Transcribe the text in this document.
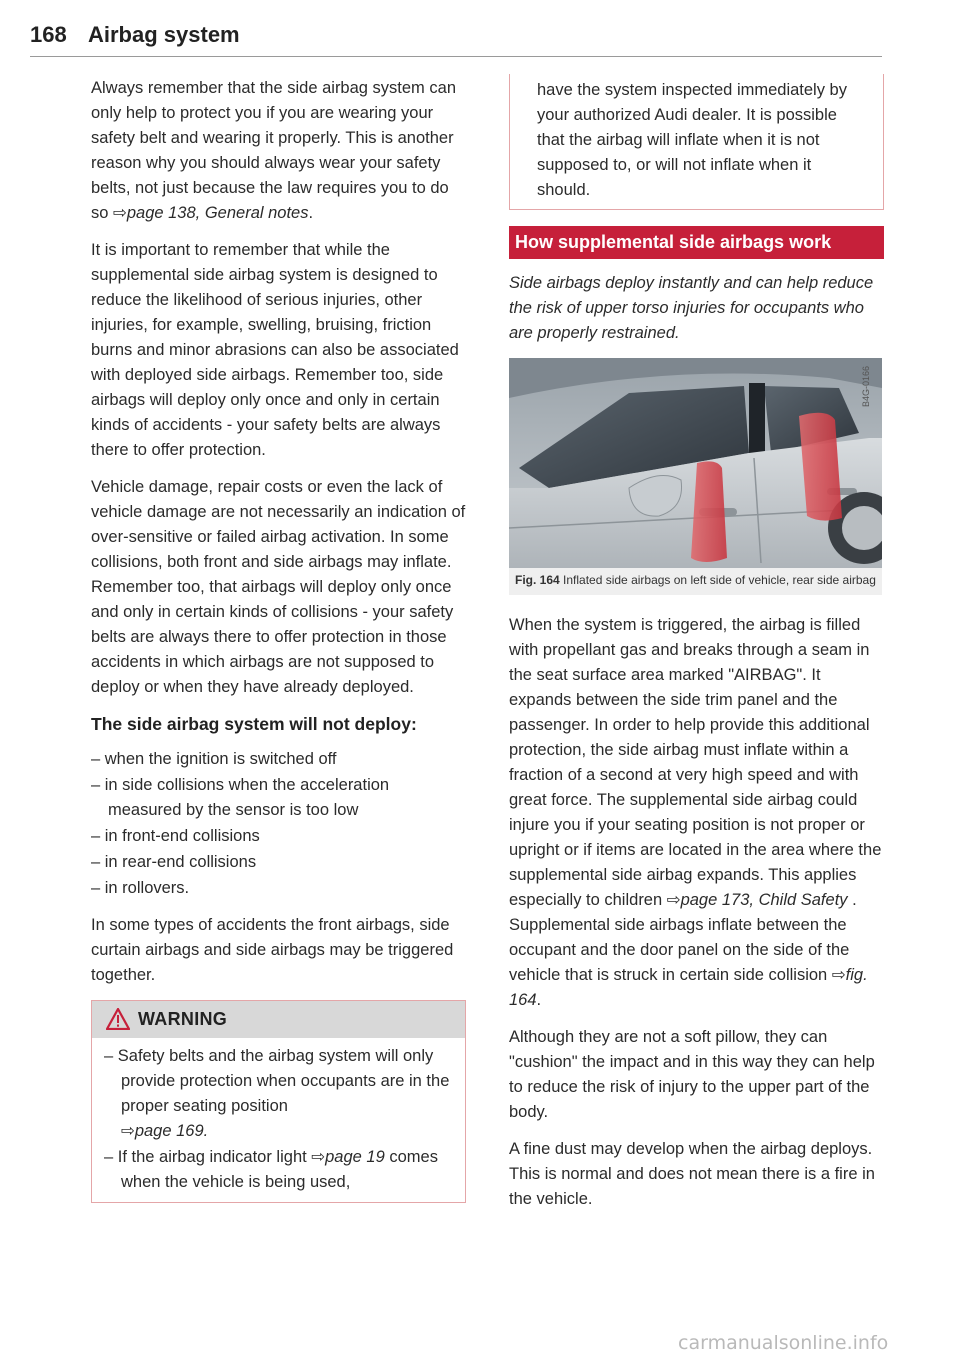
168 Airbag system

Always remember that the side airbag system can only help to protect you if you are wearing your safety belt and wearing it properly. This is another reason why you should always wear your safety belts, not just because the law requires you to do so ⇨page 138, General notes.

It is important to remember that while the supplemental side airbag system is designed to reduce the likelihood of serious injuries, other injuries, for example, swelling, bruising, friction burns and minor abrasions can also be associated with deployed side airbags. Remember too, side airbags will deploy only once and only in certain kinds of accidents - your safety belts are always there to offer protection.

Vehicle damage, repair costs or even the lack of vehicle damage are not necessarily an indication of over-sensitive or failed airbag activation. In some collisions, both front and side airbags may inflate. Remember too, that airbags will deploy only once and only in certain kinds of collisions - your safety belts are always there to offer protection in those accidents in which airbags are not supposed to deploy or when they have already deployed.

The side airbag system will not deploy:
– when the ignition is switched off
– in side collisions when the acceleration measured by the sensor is too low
– in front-end collisions
– in rear-end collisions
– in rollovers.

In some types of accidents the front airbags, side curtain airbags and side airbags may be triggered together.

WARNING
– Safety belts and the airbag system will only provide protection when occupants are in the proper seating position
⇨page 169.
– If the airbag indicator light ⇨page 19 comes when the vehicle is being used,
have the system inspected immediately by your authorized Audi dealer. It is possible that the airbag will inflate when it is not supposed to, or will not inflate when it should.
How supplemental side airbags work

Side airbags deploy instantly and can help reduce the risk of upper torso injuries for occupants who are properly restrained.

B4G-0166
Fig. 164 Inflated side airbags on left side of vehicle, rear side airbag

When the system is triggered, the airbag is filled with propellant gas and breaks through a seam in the seat surface area marked "AIRBAG". It expands between the side trim panel and the passenger. In order to help provide this additional protection, the side airbag must inflate within a fraction of a second at very high speed and with great force. The supplemental side airbag could injure you if your seating position is not proper or upright or if items are located in the area where the supplemental side airbag expands. This applies especially to children ⇨page 173, Child Safety . Supplemental side airbags inflate between the occupant and the door panel on the side of the vehicle that is struck in certain side collision ⇨fig. 164.

Although they are not a soft pillow, they can "cushion" the impact and in this way they can help to reduce the risk of injury to the upper part of the body.

A fine dust may develop when the airbag deploys. This is normal and does not mean there is a fire in the vehicle.

carmanualsonline.info
